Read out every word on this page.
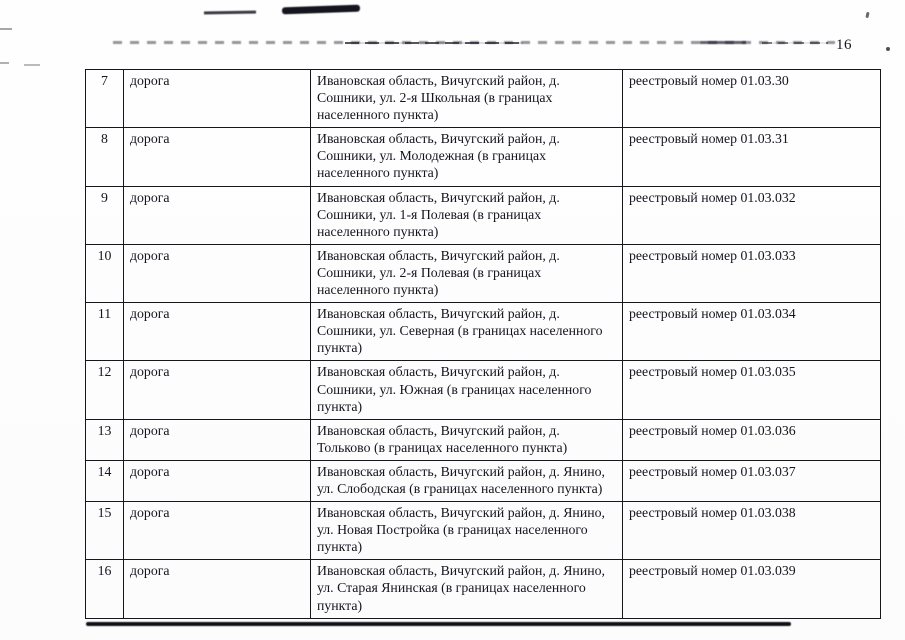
16
7	дорога	Ивановская область, Вичугский район, д. Сошники, ул. 2-я Школьная (в границах населенного пункта)	реестровый номер 01.03.30
8	дорога	Ивановская область, Вичугский район, д. Сошники, ул. Молодежная (в границах населенного пункта)	реестровый номер 01.03.31
9	дорога	Ивановская область, Вичугский район, д. Сошники, ул. 1-я Полевая (в границах населенного пункта)	реестровый номер 01.03.032
10	дорога	Ивановская область, Вичугский район, д. Сошники, ул. 2-я Полевая (в границах населенного пункта)	реестровый номер 01.03.033
11	дорога	Ивановская область, Вичугский район, д. Сошники, ул. Северная (в границах населенного пункта)	реестровый номер 01.03.034
12	дорога	Ивановская область, Вичугский район, д. Сошники, ул. Южная (в границах населенного пункта)	реестровый номер 01.03.035
13	дорога	Ивановская область, Вичугский район, д. Тольково (в границах населенного пункта)	реестровый номер 01.03.036
14	дорога	Ивановская область, Вичугский район, д. Янино, ул. Слободская (в границах населенного пункта)	реестровый номер 01.03.037
15	дорога	Ивановская область, Вичугский район, д. Янино, ул. Новая Постройка (в границах населенного пункта)	реестровый номер 01.03.038
16	дорога	Ивановская область, Вичугский район, д. Янино, ул. Старая Янинская (в границах населенного пункта)	реестровый номер 01.03.039
